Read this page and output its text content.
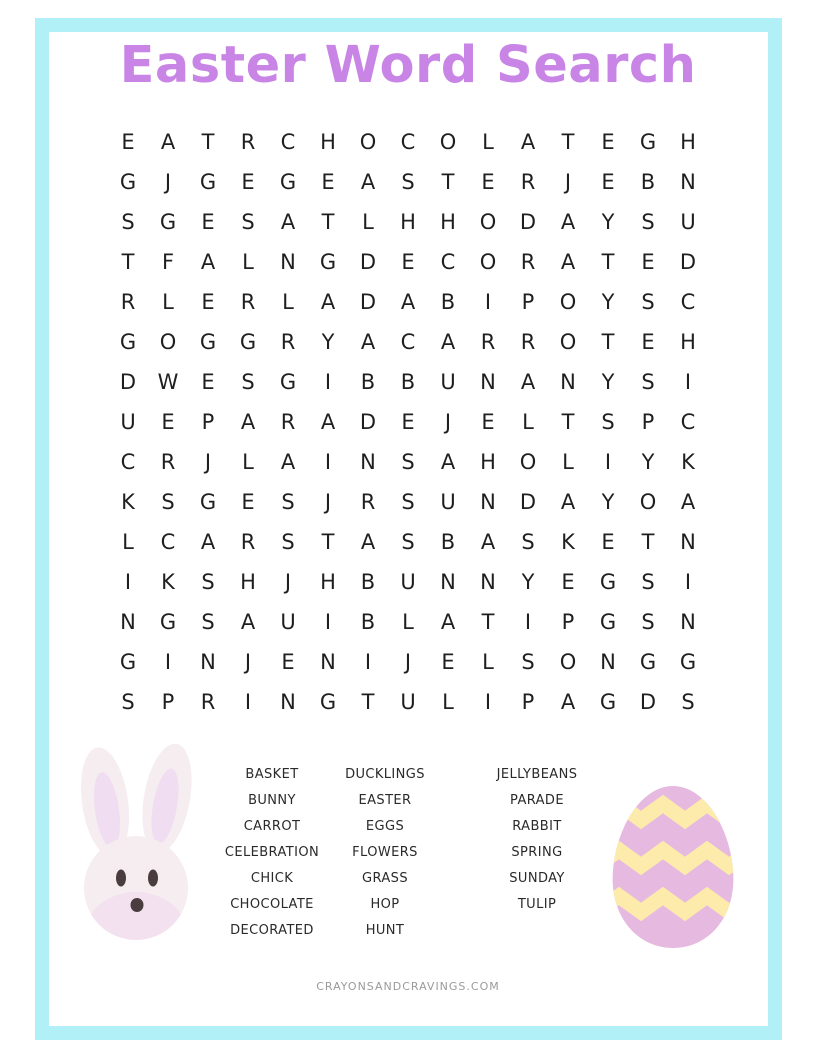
Easter Word Search
E	A	T	R	C	H	O	C	O	L	A	T	E	G	H
G	J	G	E	G	E	A	S	T	E	R	J	E	B	N
S	G	E	S	A	T	L	H	H	O	D	A	Y	S	U
T	F	A	L	N	G	D	E	C	O	R	A	T	E	D
R	L	E	R	L	A	D	A	B	I	P	O	Y	S	C
G	O	G	G	R	Y	A	C	A	R	R	O	T	E	H
D	W	E	S	G	I	B	B	U	N	A	N	Y	S	I
U	E	P	A	R	A	D	E	J	E	L	T	S	P	C
C	R	J	L	A	I	N	S	A	H	O	L	I	Y	K
K	S	G	E	S	J	R	S	U	N	D	A	Y	O	A
L	C	A	R	S	T	A	S	B	A	S	K	E	T	N
I	K	S	H	J	H	B	U	N	N	Y	E	G	S	I
N	G	S	A	U	I	B	L	A	T	I	P	G	S	N
G	I	N	J	E	N	I	J	E	L	S	O	N	G	G
S	P	R	I	N	G	T	U	L	I	P	A	G	D	S
BASKET
BUNNY
CARROT
CELEBRATION
CHICK
CHOCOLATE
DECORATED
DUCKLINGS
EASTER
EGGS
FLOWERS
GRASS
HOP
HUNT
JELLYBEANS
PARADE
RABBIT
SPRING
SUNDAY
TULIP
CRAYONSANDCRAVINGS.COM
